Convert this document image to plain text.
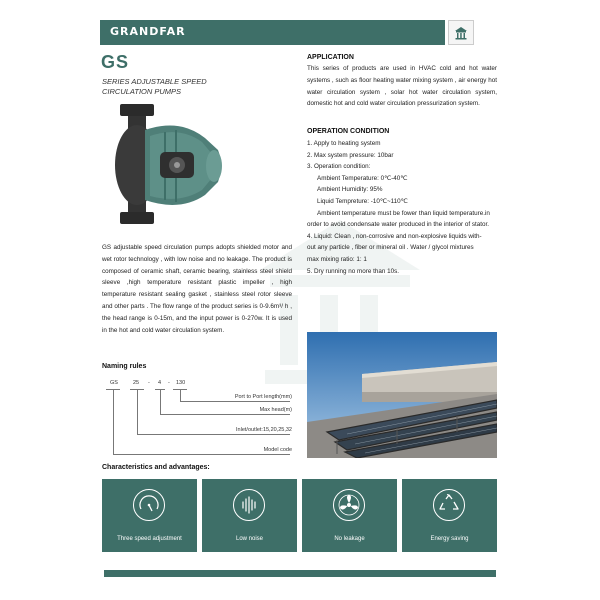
GRANDFAR
GS
SERIES ADJUSTABLE SPEED
CIRCULATION PUMPS
GS adjustable speed circulation pumps adopts shielded motor and wet rotor technology , with low noise and no leakage. The product is composed of ceramic shaft, ceramic bearing, stainless steel shield sleeve ,high temperature resistant plastic impeller , high temperature resistant sealing gasket , stainless steel rotor sleeve and other parts . The flow range of the product series is 0-9.6m³/ h , the head range is 0-15m, and the input power is 0-270w. It is used in the hot and cold water circulation system.
APPLICATION
This series of products are used in HVAC cold and hot water systems , such as floor heating water mixing system , air energy hot water circulation system , solar hot water circulation system, domestic hot and cold water circulation pressurization system.
OPERATION CONDITION
1. Apply to heating system
2. Max system pressure: 10bar
3. Operation condition:
Ambient Temperature: 0℃-40℃
Ambient Humidity: 95%
Liquid Tempreture: -10℃~110℃
Ambient temperature must be fower than liquid temperature.in
order to avoid condensate water produced in the interior of stator.
4. Liquid: Clean , non-corrosive and non-explosive liquids with-
out any particle , fiber or mineral oil . Water / glycol mixtures
max mixing ratio: 1: 1
5. Dry running no more than 10s.
Naming rules
GS	25 - 4 - 130
Port to Port length(mm)
Max head(m)
Inlet/outlet:15,20,25,32
Model code
Characteristics and advantages:
Three speed adjustment	Low noise	No leakage	Energy saving
